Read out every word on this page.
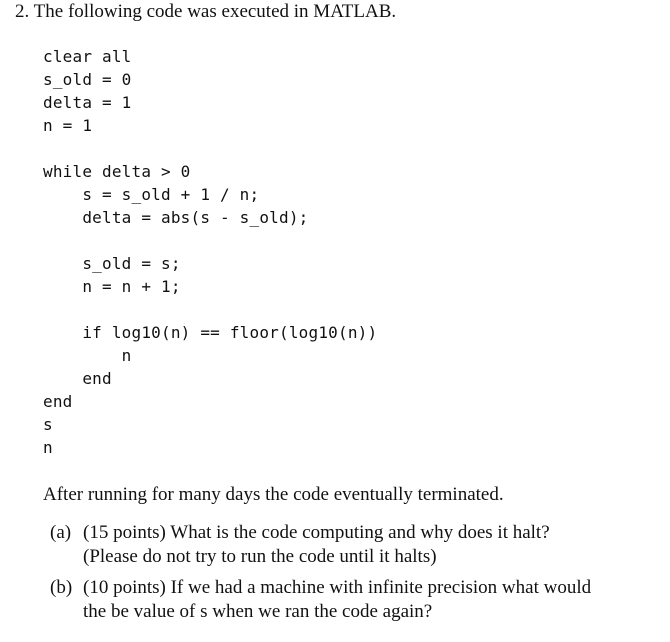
2. The following code was executed in MATLAB.

clear all

s_old = 0

delta = 1

n = 1

while delta > 0

s = s_old + 1 / n;

delta = abs(s - s_old);

s_old = s;

n = n + 1;

if log10(n) == floor(log10(n))

n

end

end

s

n

After running for many days the code eventually terminated.
(a) (15 points) What is the code computing and why does it halt?
(Please do not try to run the code until it halts)
(b) (10 points) If we had a machine with infinite precision what would
the be value of s when we ran the code again?
